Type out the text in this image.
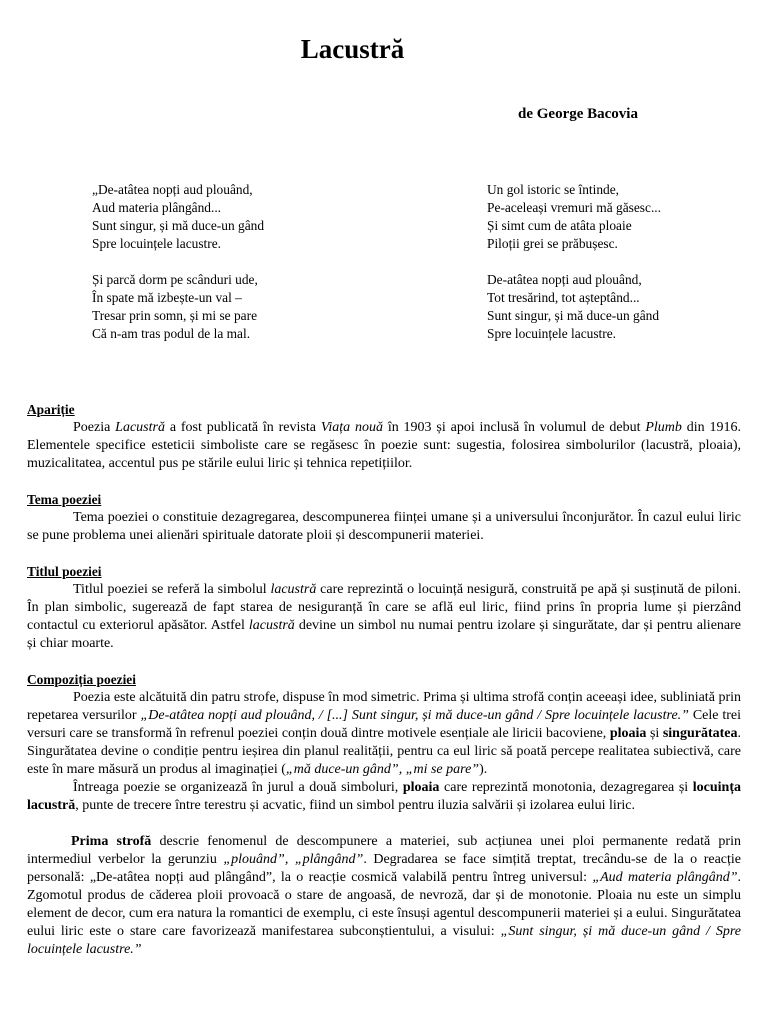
Lacustră
de George Bacovia
„De-atâtea nopți aud plouând,
Aud materia plângând...
Sunt singur, și mă duce-un gând
Spre locuințele lacustre.
Și parcă dorm pe scânduri ude,
În spate mă izbește-un val –
Tresar prin somn, și mi se pare
Că n-am tras podul de la mal.
Un gol istoric se întinde,
Pe-aceleași vremuri mă găsesc...
Și simt cum de atâta ploaie
Piloții grei se prăbușesc.
De-atâtea nopți aud plouând,
Tot tresărind, tot așteptând...
Sunt singur, și mă duce-un gând
Spre locuințele lacustre.
Apariție

Poezia Lacustră a fost publicată în revista Viața nouă în 1903 și apoi inclusă în volumul de debut Plumb din 1916. Elementele specifice esteticii simboliste care se regăsesc în poezie sunt: sugestia, folosirea simbolurilor (lacustră, ploaia), muzicalitatea, accentul pus pe stările eului liric și tehnica repetițiilor.

Tema poeziei

Tema poeziei o constituie dezagregarea, descompunerea ființei umane și a universului înconjurător. În cazul eului liric se pune problema unei alienări spirituale datorate ploii și descompunerii materiei.

Titlul poeziei

Titlul poeziei se referă la simbolul lacustră care reprezintă o locuință nesigură, construită pe apă și susținută de piloni. În plan simbolic, sugerează de fapt starea de nesiguranță în care se află eul liric, fiind prins în propria lume și pierzând contactul cu exteriorul apăsător. Astfel lacustră devine un simbol nu numai pentru izolare și singurătate, dar și pentru alienare și chiar moarte.

Compoziția poeziei

Poezia este alcătuită din patru strofe, dispuse în mod simetric. Prima și ultima strofă conțin aceeași idee, subliniată prin repetarea versurilor „De-atâtea nopți aud plouând, / [...] Sunt singur, și mă duce-un gând / Spre locuințele lacustre.” Cele trei versuri care se transformă în refrenul poeziei conțin două dintre motivele esențiale ale liricii bacoviene, ploaia și singurătatea. Singurătatea devine o condiție pentru ieșirea din planul realității, pentru ca eul liric să poată percepe realitatea subiectivă, care este în mare măsură un produs al imaginației („mă duce-un gând”, „mi se pare”).

Întreaga poezie se organizează în jurul a două simboluri, ploaia care reprezintă monotonia, dezagregarea și locuința lacustră, punte de trecere între terestru și acvatic, fiind un simbol pentru iluzia salvării și izolarea eului liric.

Prima strofă descrie fenomenul de descompunere a materiei, sub acțiunea unei ploi permanente redată prin intermediul verbelor la gerunziu „plouând”, „plângând”. Degradarea se face simțită treptat, trecându-se de la o reacție personală: „De-atâtea nopți aud plângând”, la o reacție cosmică valabilă pentru întreg universul: „Aud materia plângând”. Zgomotul produs de căderea ploii provoacă o stare de angoasă, de nevroză, dar și de monotonie. Ploaia nu este un simplu element de decor, cum era natura la romantici de exemplu, ci este însuși agentul descompunerii materiei și a eului. Singurătatea eului liric este o stare care favorizează manifestarea subconștientului, a visului: „Sunt singur, și mă duce-un gând / Spre locuințele lacustre.”
